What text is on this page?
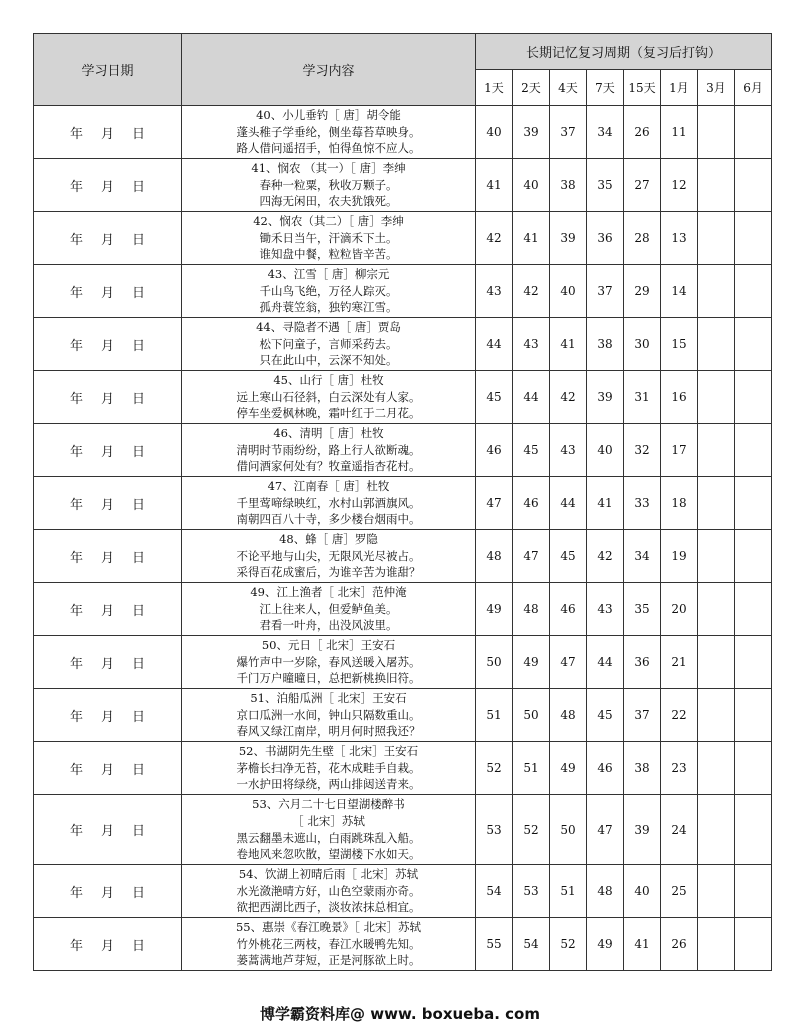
学习日期	学习内容	长期记忆复习周期（复习后打钩）							
		1天	2天	4天	7天	15天	1月	3月	6月
年 月 日	40、小儿垂钓［ 唐］胡令能
蓬头稚子学垂纶，侧坐莓苔草映身。
路人借问遥招手，怕得鱼惊不应人。	40	39	37	34	26	11		
年 月 日	41、悯农 （其一）［ 唐］李绅
春种一粒粟，秋收万颗子。
四海无闲田，农夫犹饿死。	41	40	38	35	27	12		
年 月 日	42、悯农（其二）［ 唐］李绅
锄禾日当午，汗滴禾下土。
谁知盘中餐，粒粒皆辛苦。	42	41	39	36	28	13		
年 月 日	43、江雪［ 唐］柳宗元
千山鸟飞绝，万径人踪灭。
孤舟蓑笠翁，独钓寒江雪。	43	42	40	37	29	14		
年 月 日	44、寻隐者不遇［ 唐］贾岛
松下问童子，言师采药去。
只在此山中，云深不知处。	44	43	41	38	30	15		
年 月 日	45、山行［ 唐］杜牧
远上寒山石径斜，白云深处有人家。
停车坐爱枫林晚，霜叶红于二月花。	45	44	42	39	31	16		
年 月 日	46、清明［ 唐］杜牧
清明时节雨纷纷，路上行人欲断魂。
借问酒家何处有？牧童遥指杏花村。	46	45	43	40	32	17		
年 月 日	47、江南春［ 唐］杜牧
千里莺啼绿映红，水村山郭酒旗风。
南朝四百八十寺，多少楼台烟雨中。	47	46	44	41	33	18		
年 月 日	48、蜂［ 唐］罗隐
不论平地与山尖，无限风光尽被占。
采得百花成蜜后，为谁辛苦为谁甜？	48	47	45	42	34	19		
年 月 日	49、江上渔者［ 北宋］范仲淹
江上往来人，但爱鲈鱼美。
君看一叶舟，出没风波里。	49	48	46	43	35	20		
年 月 日	50、元日［ 北宋］王安石
爆竹声中一岁除，春风送暖入屠苏。
千门万户曈曈日，总把新桃换旧符。	50	49	47	44	36	21		
年 月 日	51、泊船瓜洲［ 北宋］王安石
京口瓜洲一水间，钟山只隔数重山。
春风又绿江南岸，明月何时照我还？	51	50	48	45	37	22		
年 月 日	52、书湖阴先生壁［ 北宋］王安石
茅檐长扫净无苔，花木成畦手自栽。
一水护田将绿绕，两山排闼送青来。	52	51	49	46	38	23		
年 月 日	53、六月二十七日望湖楼醉书
［ 北宋］苏轼
黑云翻墨未遮山，白雨跳珠乱入船。
卷地风来忽吹散，望湖楼下水如天。	53	52	50	47	39	24		
年 月 日	54、饮湖上初晴后雨［ 北宋］苏轼
水光潋滟晴方好，山色空蒙雨亦奇。
欲把西湖比西子，淡妆浓抹总相宜。	54	53	51	48	40	25		
年 月 日	55、惠崇《春江晚景》［ 北宋］苏轼
竹外桃花三两枝，春江水暖鸭先知。
蒌蒿满地芦芽短，正是河豚欲上时。	55	54	52	49	41	26		
博学霸资料库@ www. boxueba. com
